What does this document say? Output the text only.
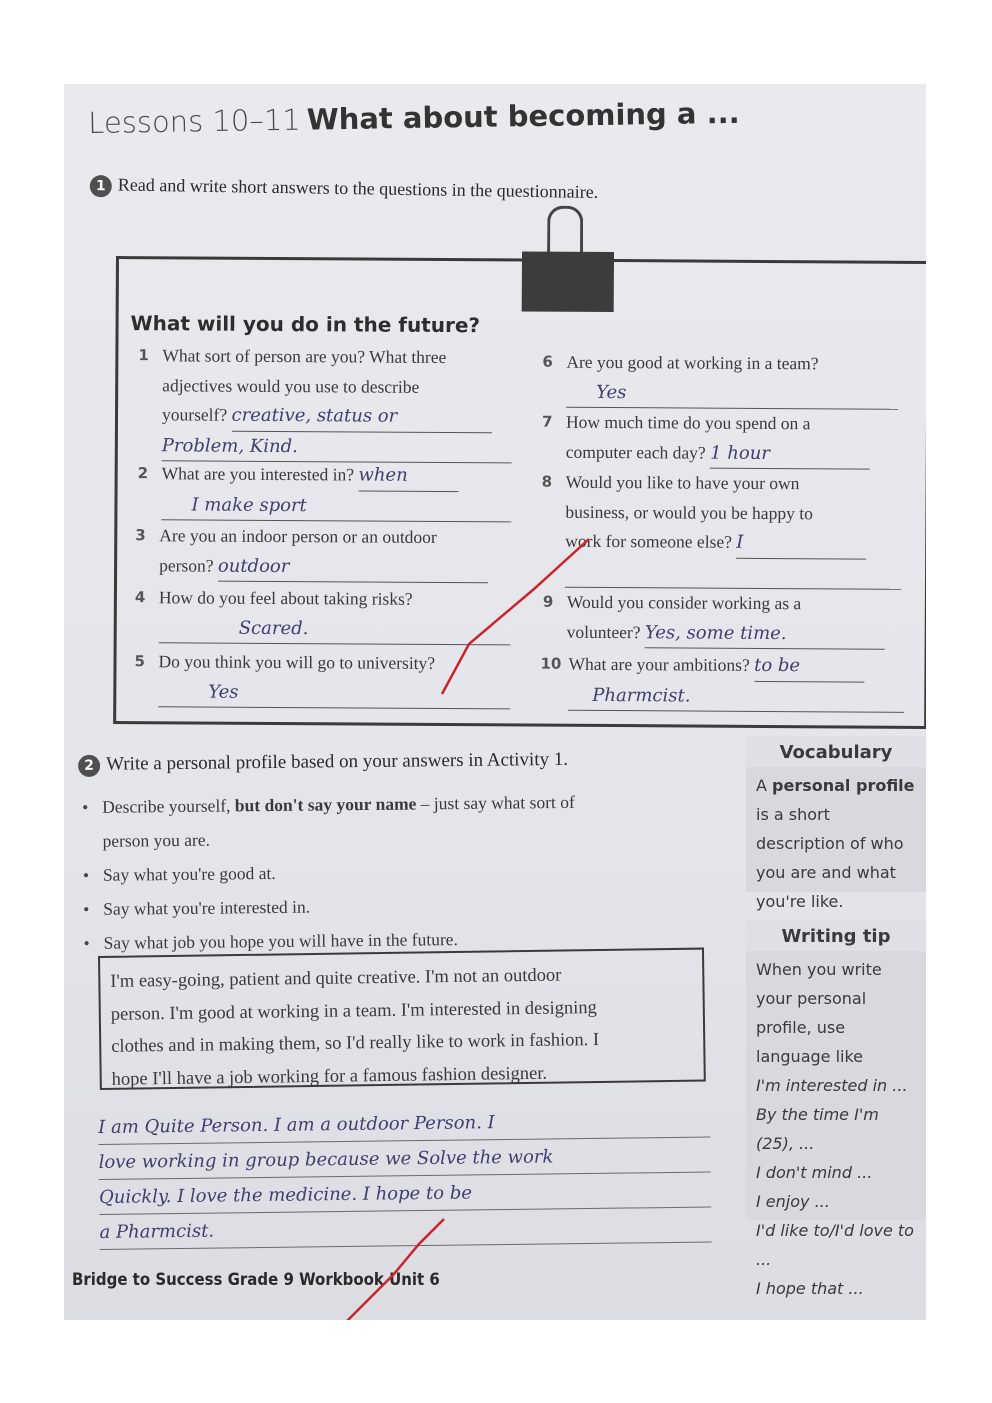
Lessons 10–11 What about becoming a ...
1 Read and write short answers to the questions in the questionnaire.
What will you do in the future?
1 What sort of person are you? What three
adjectives would you use to describe
yourself? creative, status or
Problem, Kind.
2 What are you interested in? when
I make sport
3 Are you an indoor person or an outdoor
person? outdoor
4 How do you feel about taking risks?
Scared.
5 Do you think you will go to university?
Yes
6 Are you good at working in a team?
Yes
7 How much time do you spend on a
computer each day? 1 hour
8 Would you like to have your own
business, or would you be happy to
work for someone else? I
9 Would you consider working as a
volunteer? Yes, some time.
10 What are your ambitions? to be
Pharmcist.
2 Write a personal profile based on your answers in Activity 1.
• Describe yourself, but don't say your name – just say what sort of
person you are.
• Say what you're good at.
• Say what you're interested in.
• Say what job you hope you will have in the future.
I'm easy-going, patient and quite creative. I'm not an outdoor
person. I'm good at working in a team. I'm interested in designing
clothes and in making them, so I'd really like to work in fashion. I
hope I'll have a job working for a famous fashion designer.
I am Quite Person. I am a outdoor Person. I
love working in group because we Solve the work
Quickly. I love the medicine. I hope to be
a Pharmcist.
Vocabulary
A personal profile is a short description of who you are and what you're like.
Writing tip
When you write your personal profile, use language like
I'm interested in ...
By the time I'm (25), ...
I don't mind ...
I enjoy ...
I'd like to/I'd love to ...
I hope that ...
Bridge to Success Grade 9 Workbook Unit 6
